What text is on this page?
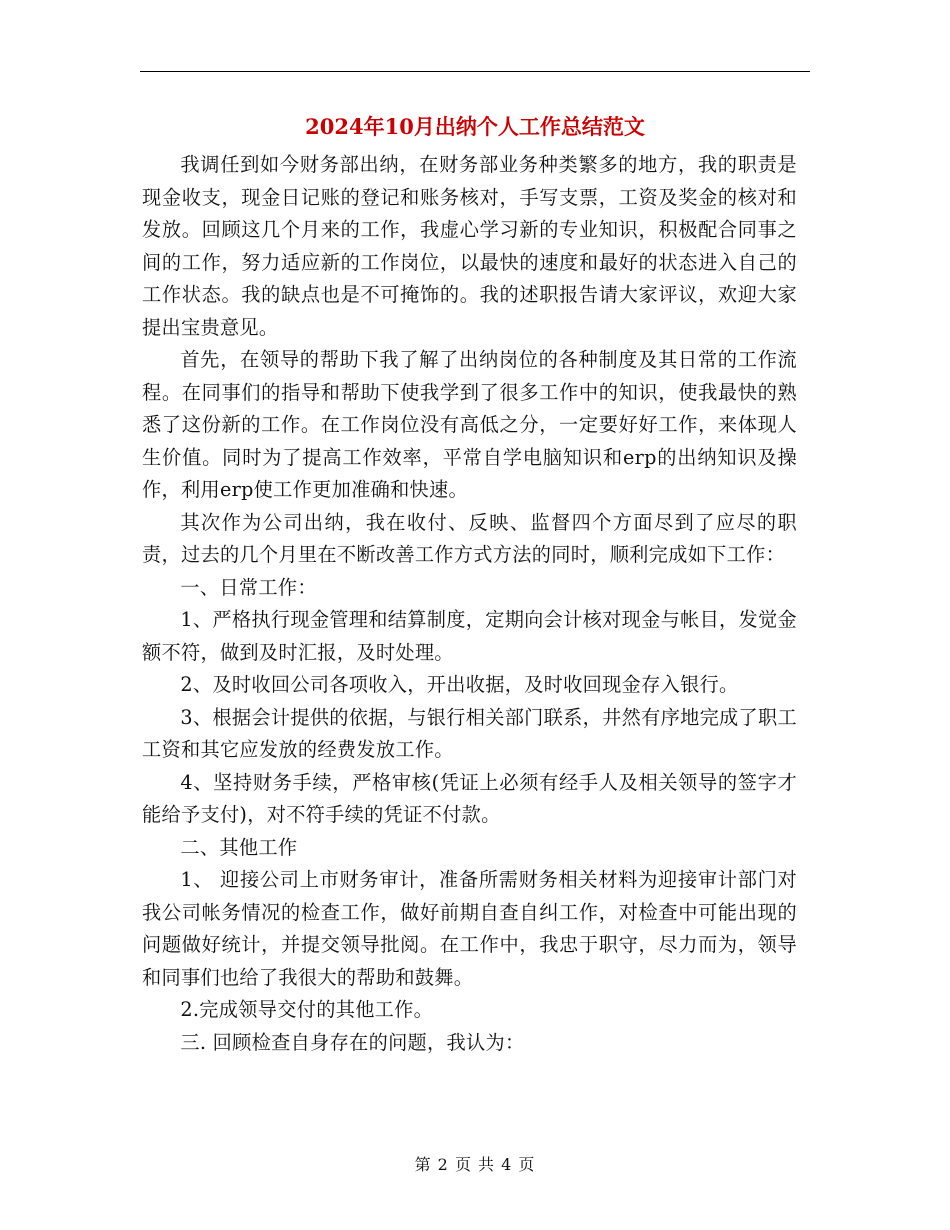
2024年10月出纳个人工作总结范文

我调任到如今财务部出纳，在财务部业务种类繁多的地方，我的职责是现金收支，现金日记账的登记和账务核对，手写支票，工资及奖金的核对和发放。回顾这几个月来的工作，我虚心学习新的专业知识，积极配合同事之间的工作，努力适应新的工作岗位，以最快的速度和最好的状态进入自己的工作状态。我的缺点也是不可掩饰的。我的述职报告请大家评议，欢迎大家提出宝贵意见。

首先，在领导的帮助下我了解了出纳岗位的各种制度及其日常的工作流程。在同事们的指导和帮助下使我学到了很多工作中的知识，使我最快的熟悉了这份新的工作。在工作岗位没有高低之分，一定要好好工作，来体现人生价值。同时为了提高工作效率，平常自学电脑知识和erp的出纳知识及操作，利用erp使工作更加准确和快速。

其次作为公司出纳，我在收付、反映、监督四个方面尽到了应尽的职责，过去的几个月里在不断改善工作方式方法的同时，顺利完成如下工作：

一、日常工作：

1、严格执行现金管理和结算制度，定期向会计核对现金与帐目，发觉金额不符，做到及时汇报，及时处理。

2、及时收回公司各项收入，开出收据，及时收回现金存入银行。

3、根据会计提供的依据，与银行相关部门联系，井然有序地完成了职工工资和其它应发放的经费发放工作。

4、坚持财务手续，严格审核(凭证上必须有经手人及相关领导的签字才能给予支付)，对不符手续的凭证不付款。

二、其他工作

1、 迎接公司上市财务审计，准备所需财务相关材料为迎接审计部门对我公司帐务情况的检查工作，做好前期自查自纠工作，对检查中可能出现的问题做好统计，并提交领导批阅。在工作中，我忠于职守，尽力而为，领导和同事们也给了我很大的帮助和鼓舞。

2.完成领导交付的其他工作。

三. 回顾检查自身存在的问题，我认为：

第 2 页 共 4 页
